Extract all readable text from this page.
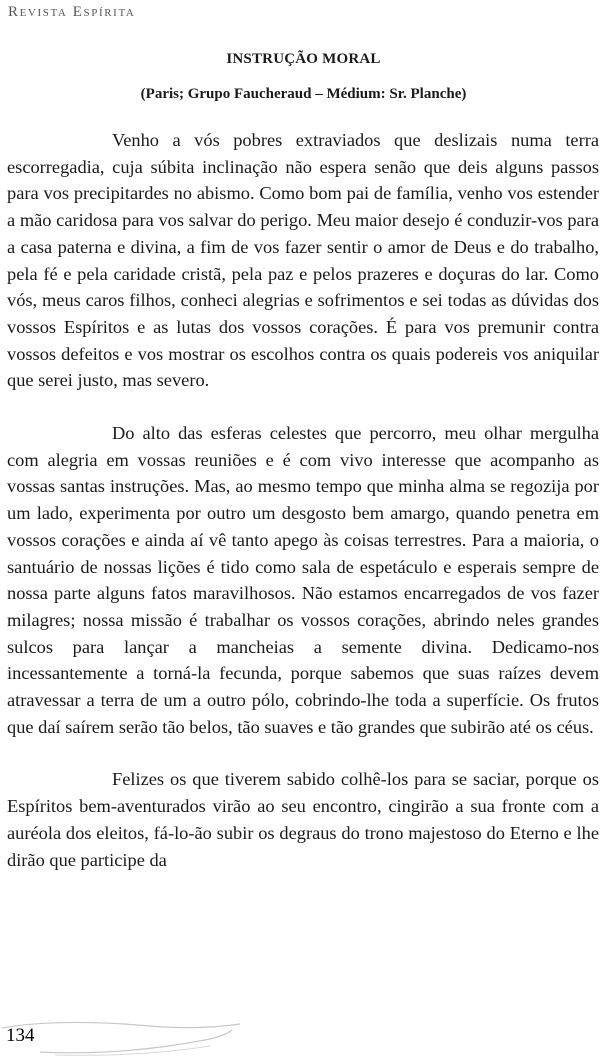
Revista Espírita
INSTRUÇÃO MORAL
(Paris; Grupo Faucheraud – Médium: Sr. Planche)

Venho a vós pobres extraviados que deslizais numa terra escorregadia, cuja súbita inclinação não espera senão que deis alguns passos para vos precipitardes no abismo. Como bom pai de família, venho vos estender a mão caridosa para vos salvar do perigo. Meu maior desejo é conduzir-vos para a casa paterna e divina, a fim de vos fazer sentir o amor de Deus e do trabalho, pela fé e pela caridade cristã, pela paz e pelos prazeres e doçuras do lar. Como vós, meus caros filhos, conheci alegrias e sofrimentos e sei todas as dúvidas dos vossos Espíritos e as lutas dos vossos corações. É para vos premunir contra vossos defeitos e vos mostrar os escolhos contra os quais podereis vos aniquilar que serei justo, mas severo.

Do alto das esferas celestes que percorro, meu olhar mergulha com alegria em vossas reuniões e é com vivo interesse que acompanho as vossas santas instruções. Mas, ao mesmo tempo que minha alma se regozija por um lado, experimenta por outro um desgosto bem amargo, quando penetra em vossos corações e ainda aí vê tanto apego às coisas terrestres. Para a maioria, o santuário de nossas lições é tido como sala de espetáculo e esperais sempre de nossa parte alguns fatos maravilhosos. Não estamos encarregados de vos fazer milagres; nossa missão é trabalhar os vossos corações, abrindo neles grandes sulcos para lançar a mancheias a semente divina. Dedicamo-nos incessantemente a torná-la fecunda, porque sabemos que suas raízes devem atravessar a terra de um a outro pólo, cobrindo-lhe toda a superfície. Os frutos que daí saírem serão tão belos, tão suaves e tão grandes que subirão até os céus.

Felizes os que tiverem sabido colhê-los para se saciar, porque os Espíritos bem-aventurados virão ao seu encontro, cingirão a sua fronte com a auréola dos eleitos, fá-lo-ão subir os degraus do trono majestoso do Eterno e lhe dirão que participe da

134
